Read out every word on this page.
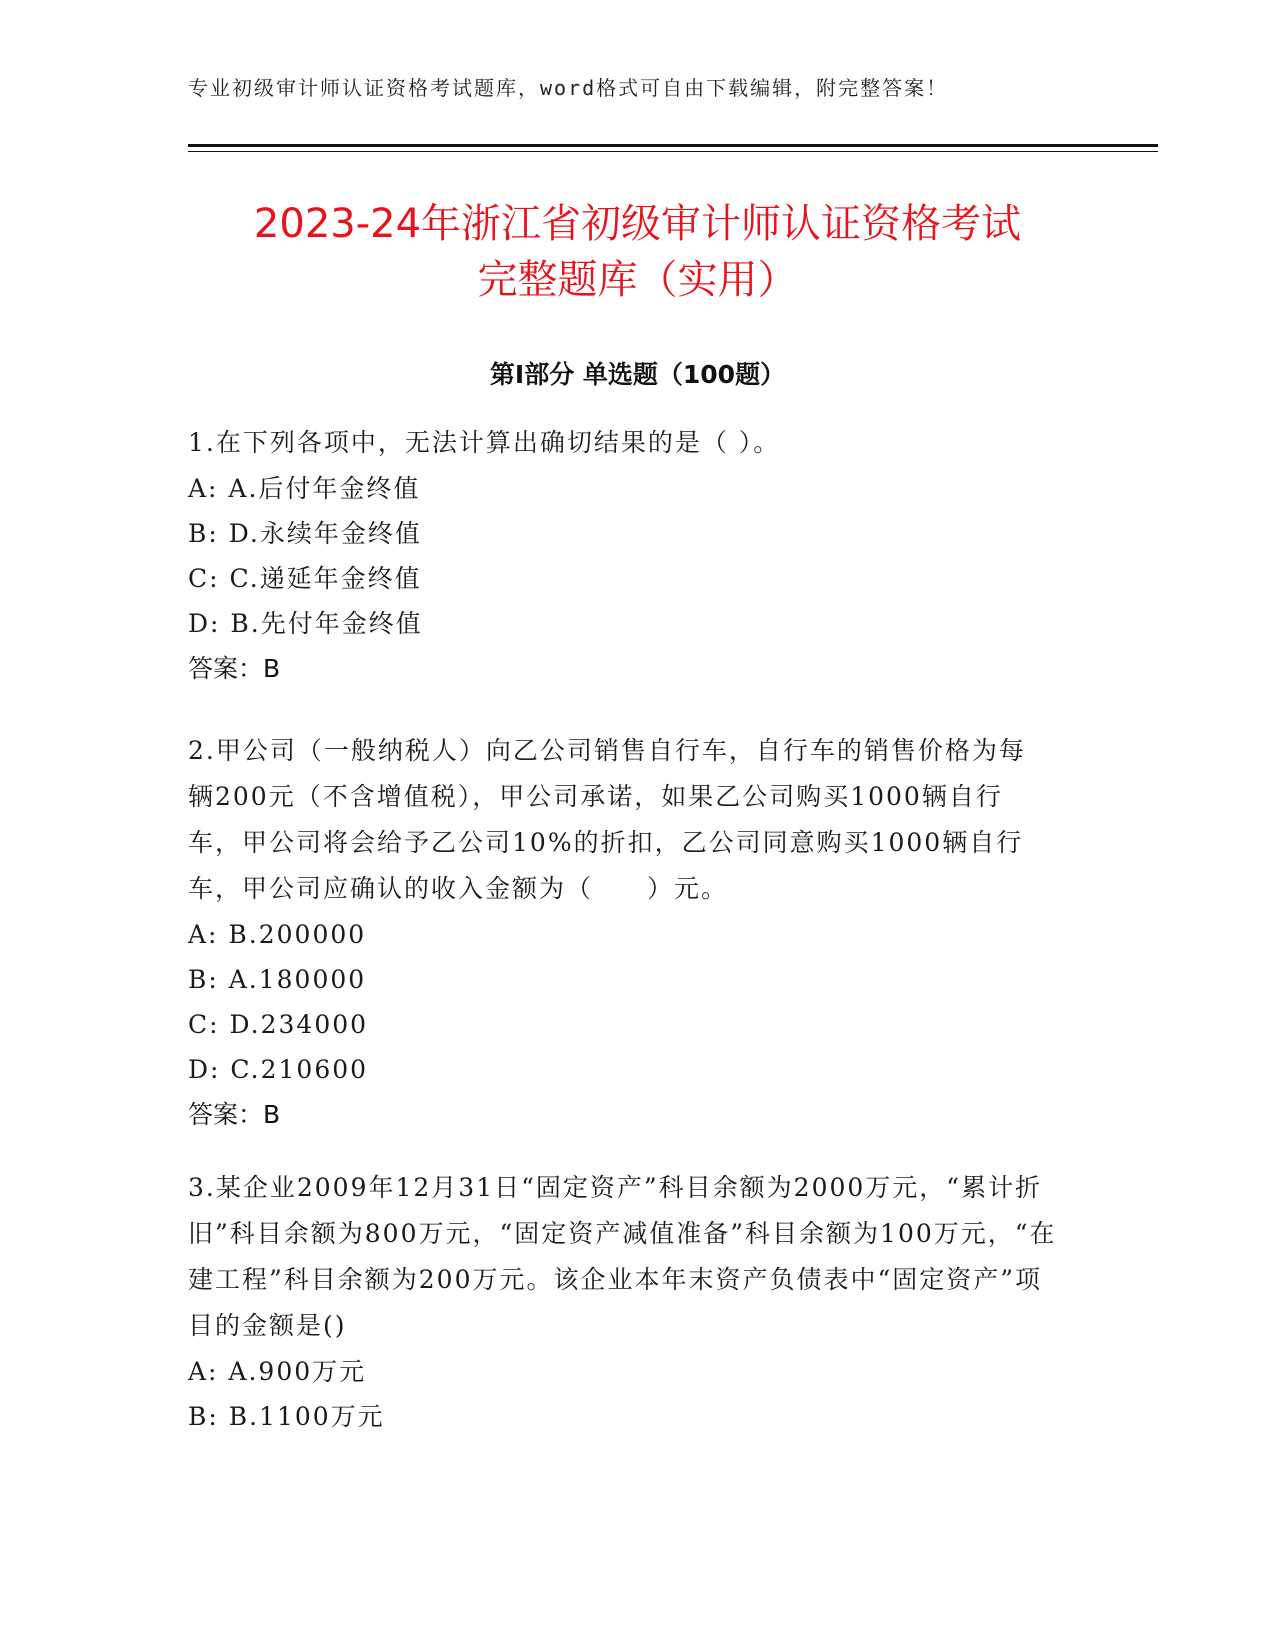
专业初级审计师认证资格考试题库，word格式可自由下载编辑，附完整答案！
2023-24年浙江省初级审计师认证资格考试
完整题库（实用）
第Ⅰ部分 单选题（100题）

1.在下列各项中，无法计算出确切结果的是（ ）。

A: A.后付年金终值

B: D.永续年金终值

C: C.递延年金终值

D: B.先付年金终值

答案：B

2.甲公司（一般纳税人）向乙公司销售自行车，自行车的销售价格为每辆200元（不含增值税），甲公司承诺，如果乙公司购买1000辆自行车，甲公司将会给予乙公司10%的折扣，乙公司同意购买1000辆自行车，甲公司应确认的收入金额为（　　）元。

A: B.200000

B: A.180000

C: D.234000

D: C.210600

答案：B

3.某企业2009年12月31日“固定资产”科目余额为2000万元，“累计折旧”科目余额为800万元，“固定资产减值准备”科目余额为100万元，“在建工程”科目余额为200万元。该企业本年末资产负债表中“固定资产”项目的金额是()

A: A.900万元

B: B.1100万元
